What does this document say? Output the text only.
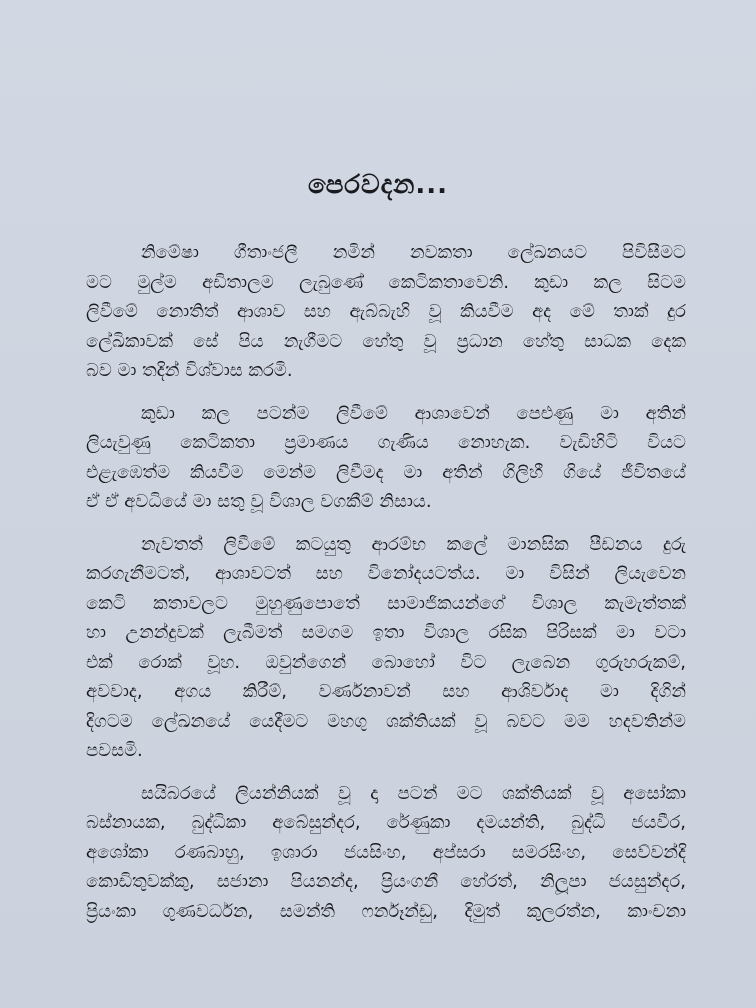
පෙරවදන...
නිමේෂා ගීතාංජලී නමින් නවකතා ලේඛනයට පිවිසීමට
මට මුල්ම අඩිතාලම ලැබුණේ කෙටිකතාවෙනි. කුඩා කල සිටම
ලිවීමේ නොතිත් ආශාව සහ ඇබ්බැහි වූ කියවීම අද මේ තාක් දුර
ලේඛිකාවක් සේ පිය නැගීමට හේතු වූ ප්‍රධාන හේතු සාධක දෙක
බව මා තදින් විශ්වාස කරමි.
කුඩා කල පටන්ම ලිවීමේ ආශාවෙන් පෙළුණු මා අතින්
ලියැවුණු කෙටිකතා ප්‍රමාණය ගැණිය නොහැක. වැඩිහිටි වියට
එළැඹෙත්ම කියවීම මෙන්ම ලිවීමද මා අතින් ගිලිහී ගියේ ජීවිතයේ
ඒ ඒ අවධියේ මා සතු වූ විශාල වගකීම් නිසාය.
නැවතත් ලිවීමේ කටයුතු ආරම්භ කලේ මානසික පීඩනය දුරු
කරගැනීමටත්, ආශාවටත් සහ විනෝදයටත්ය. මා විසින් ලියැවෙන
කෙටි කතාවලට මුහුණුපොතේ සාමාජිකයන්ගේ විශාල කැමැත්තක්
හා උනන්දුවක් ලැබීමත් සමගම ඉතා විශාල රසික පිරිසක් මා වටා
එක් රොක් වූහ. ඔවුන්ගෙන් බොහෝ විට ලැබෙන ගුරුහරුකම්,
අවවාද, අගය කිරීම්, වර්ණනාවන් සහ ආශිර්වාද මා දිගින්
දිගටම ලේඛනයේ යෙදීමට මහගු ශක්තියක් වූ බවට මම හදවතින්ම
පවසමි.
සයිබරයේ ලියන්නියක් වූ දා පටන් මට ශක්තියක් වූ අසෝකා
බස්නායක, බුද්ධිකා අබේසුන්දර, රේණුකා දමයන්ති, බුද්ධි ජයවීර,
අශෝකා රණබාහු, ඉශාරා ජයසිංහ, අප්සරා සමරසිංහ, සෙව්වන්දි
කොඩිතුවක්කු, සජානා පියනන්ද, ප්‍රියංගනී හේරත්, නිලූපා ජයසුන්දර,
ප්‍රියංකා ගුණවර්ධන, සමන්ති ෆර්නෑන්ඩු, දිමුත් කුලරත්න, කාංචනා
